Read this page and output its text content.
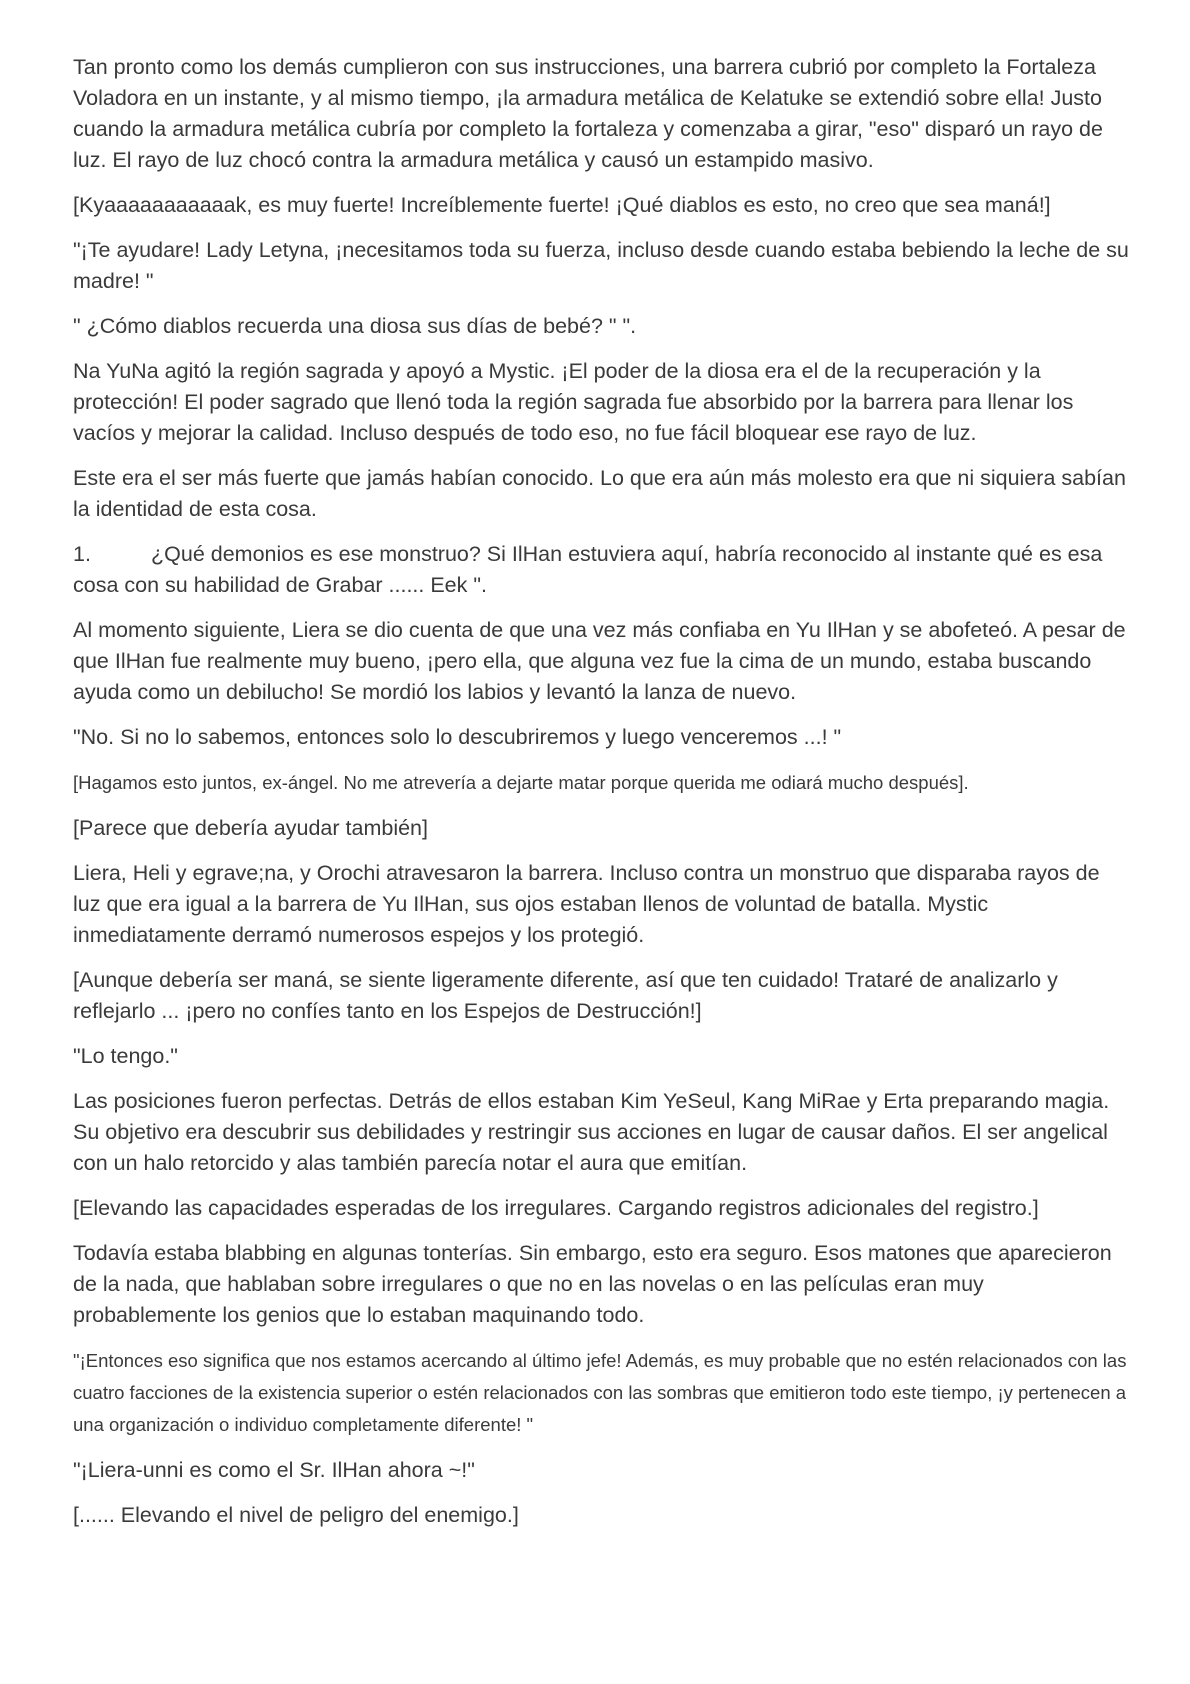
Tan pronto como los demás cumplieron con sus instrucciones, una barrera cubrió por completo la Fortaleza Voladora en un instante, y al mismo tiempo, ¡la armadura metálica de Kelatuke se extendió sobre ella! Justo cuando la armadura metálica cubría por completo la fortaleza y comenzaba a girar, "eso" disparó un rayo de luz. El rayo de luz chocó contra la armadura metálica y causó un estampido masivo.

[Kyaaaaaaaaaaak, es muy fuerte! Increíblemente fuerte! ¡Qué diablos es esto, no creo que sea maná!]

"¡Te ayudare! Lady Letyna, ¡necesitamos toda su fuerza, incluso desde cuando estaba bebiendo la leche de su madre! "

" ¿Cómo diablos recuerda una diosa sus días de bebé? " ".

Na YuNa agitó la región sagrada y apoyó a Mystic. ¡El poder de la diosa era el de la recuperación y la protección! El poder sagrado que llenó toda la región sagrada fue absorbido por la barrera para llenar los vacíos y mejorar la calidad. Incluso después de todo eso, no fue fácil bloquear ese rayo de luz.

Este era el ser más fuerte que jamás habían conocido. Lo que era aún más molesto era que ni siquiera sabían la identidad de esta cosa.

1.	¿Qué demonios es ese monstruo? Si IlHan estuviera aquí, habría reconocido al instante qué es esa cosa con su habilidad de Grabar ...... Eek ".

Al momento siguiente, Liera se dio cuenta de que una vez más confiaba en Yu IlHan y se abofeteó. A pesar de que IlHan fue realmente muy bueno, ¡pero ella, que alguna vez fue la cima de un mundo, estaba buscando ayuda como un debilucho! Se mordió los labios y levantó la lanza de nuevo.

"No. Si no lo sabemos, entonces solo lo descubriremos y luego venceremos ...! "

[Hagamos esto juntos, ex-ángel. No me atrevería a dejarte matar porque querida me odiará mucho después].

[Parece que debería ayudar también]

Liera, Heli y egrave;na, y Orochi atravesaron la barrera. Incluso contra un monstruo que disparaba rayos de luz que era igual a la barrera de Yu IlHan, sus ojos estaban llenos de voluntad de batalla. Mystic inmediatamente derramó numerosos espejos y los protegió.

[Aunque debería ser maná, se siente ligeramente diferente, así que ten cuidado! Trataré de analizarlo y reflejarlo ... ¡pero no confíes tanto en los Espejos de Destrucción!]

"Lo tengo."

Las posiciones fueron perfectas. Detrás de ellos estaban Kim YeSeul, Kang MiRae y Erta preparando magia. Su objetivo era descubrir sus debilidades y restringir sus acciones en lugar de causar daños. El ser angelical con un halo retorcido y alas también parecía notar el aura que emitían.

[Elevando las capacidades esperadas de los irregulares. Cargando registros adicionales del registro.]

Todavía estaba blabbing en algunas tonterías. Sin embargo, esto era seguro. Esos matones que aparecieron de la nada, que hablaban sobre irregulares o que no en las novelas o en las películas eran muy probablemente los genios que lo estaban maquinando todo.

"¡Entonces eso significa que nos estamos acercando al último jefe! Además, es muy probable que no estén relacionados con las cuatro facciones de la existencia superior o estén relacionados con las sombras que emitieron todo este tiempo, ¡y pertenecen a una organización o individuo completamente diferente! "

"¡Liera-unni es como el Sr. IlHan ahora ~!"

[...... Elevando el nivel de peligro del enemigo.]
